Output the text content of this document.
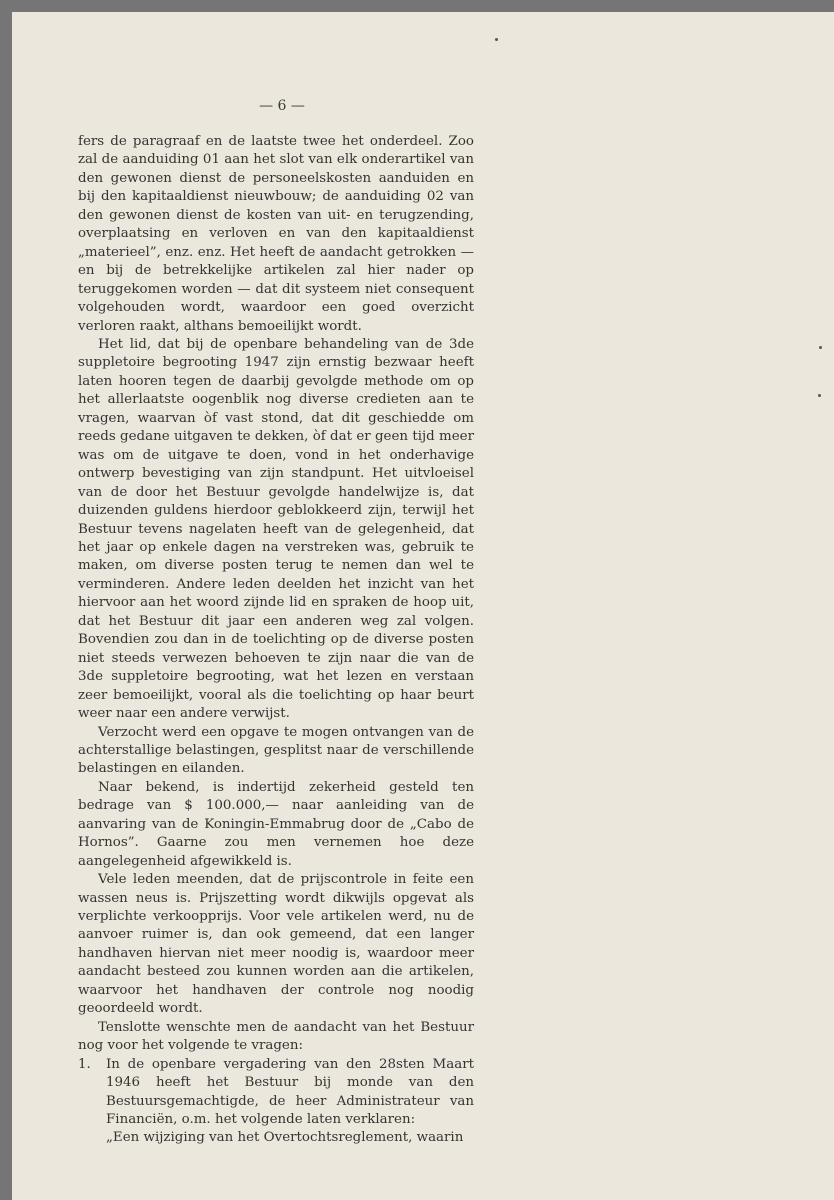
— 6 —

fers de paragraaf en de laatste twee het onderdeel. Zoo zal de aanduiding 01 aan het slot van elk onderartikel van den gewonen dienst de personeelskosten aanduiden en bij den kapitaaldienst nieuwbouw; de aanduiding 02 van den gewonen dienst de kosten van uit- en terugzending, overplaatsing en verloven en van den kapitaaldienst „materieel”, enz. enz. Het heeft de aandacht getrokken — en bij de betrekkelijke artikelen zal hier nader op teruggekomen worden — dat dit systeem niet consequent volgehouden wordt, waardoor een goed overzicht verloren raakt, althans bemoeilijkt wordt.

Het lid, dat bij de openbare behandeling van de 3de suppletoire begrooting 1947 zijn ernstig bezwaar heeft laten hooren tegen de daarbij gevolgde methode om op het allerlaatste oogenblik nog diverse credieten aan te vragen, waarvan òf vast stond, dat dit geschiedde om reeds gedane uitgaven te dekken, òf dat er geen tijd meer was om de uitgave te doen, vond in het onderhavige ontwerp bevestiging van zijn standpunt. Het uitvloeisel van de door het Bestuur gevolgde handelwijze is, dat duizenden guldens hierdoor geblokkeerd zijn, terwijl het Bestuur tevens nagelaten heeft van de gelegenheid, dat het jaar op enkele dagen na verstreken was, gebruik te maken, om diverse posten terug te nemen dan wel te verminderen. Andere leden deelden het inzicht van het hiervoor aan het woord zijnde lid en spraken de hoop uit, dat het Bestuur dit jaar een anderen weg zal volgen. Bovendien zou dan in de toelichting op de diverse posten niet steeds verwezen behoeven te zijn naar die van de 3de suppletoire begrooting, wat het lezen en verstaan zeer bemoeilijkt, vooral als die toelichting op haar beurt weer naar een andere verwijst.

Verzocht werd een opgave te mogen ontvangen van de achterstallige belastingen, gesplitst naar de verschillende belastingen en eilanden.

Naar bekend, is indertijd zekerheid gesteld ten bedrage van $ 100.000,— naar aanleiding van de aanvaring van de Koningin-Emmabrug door de „Cabo de Hornos”. Gaarne zou men vernemen hoe deze aangelegenheid afgewikkeld is.

Vele leden meenden, dat de prijscontrole in feite een wassen neus is. Prijszetting wordt dikwijls opgevat als verplichte verkoopprijs. Voor vele artikelen werd, nu de aanvoer ruimer is, dan ook gemeend, dat een langer handhaven hiervan niet meer noodig is, waardoor meer aandacht besteed zou kunnen worden aan die artikelen, waarvoor het handhaven der controle nog noodig geoordeeld wordt.

Tenslotte wenschte men de aandacht van het Bestuur nog voor het volgende te vragen:

1.	In de openbare vergadering van den 28sten Maart 1946 heeft het Bestuur bij monde van den Bestuursgemachtigde, de heer Administrateur van Financiën, o.m. het volgende laten verklaren:

„Een wijziging van het Overtochtsreglement, waarin
